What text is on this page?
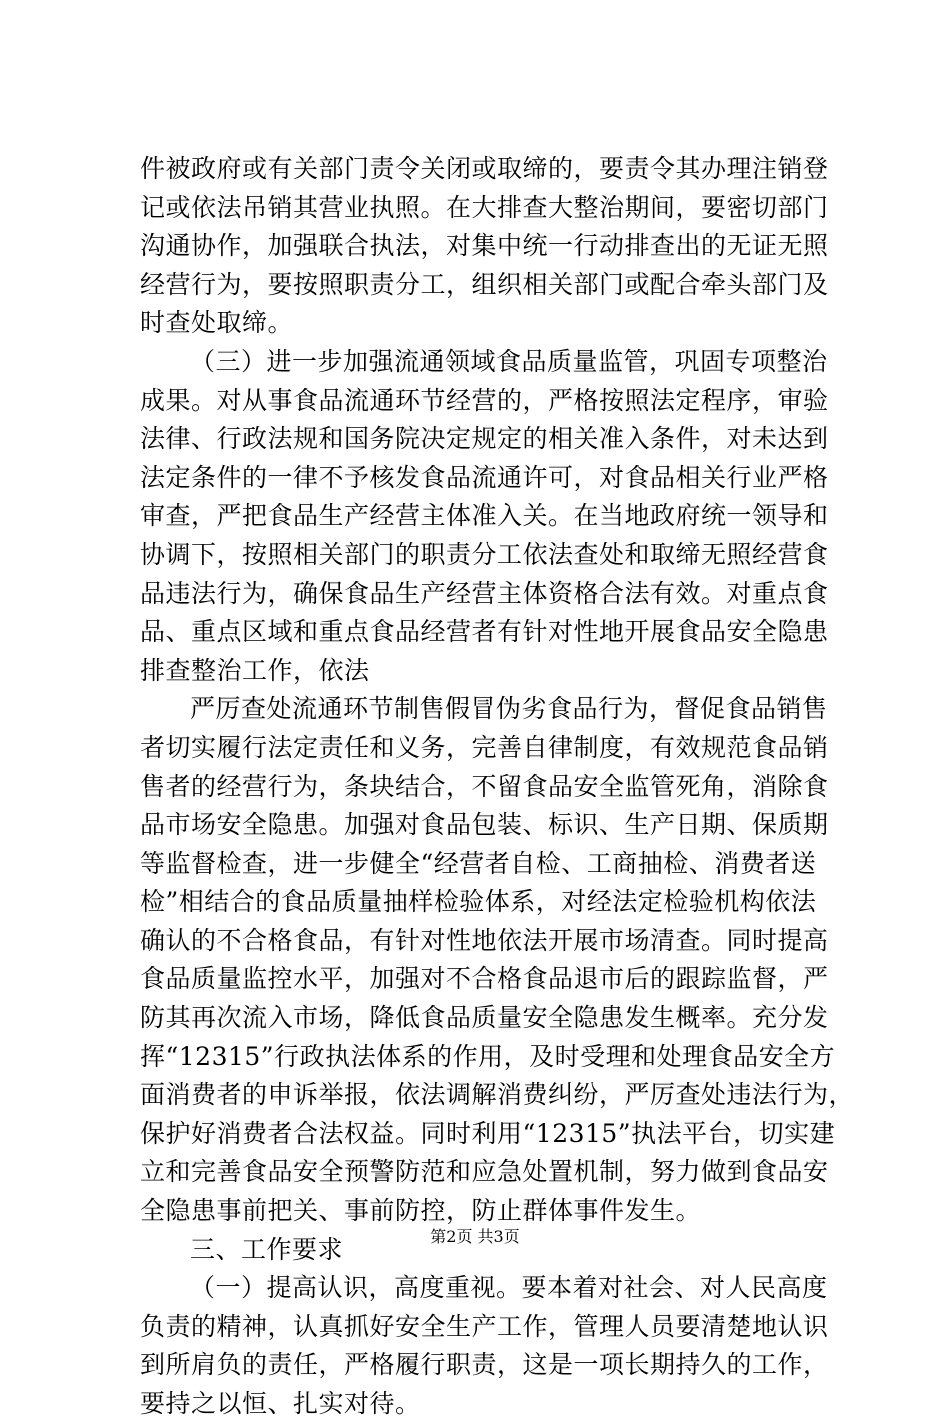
件被政府或有关部门责令关闭或取缔的，要责令其办理注销登
记或依法吊销其营业执照。在大排查大整治期间，要密切部门
沟通协作，加强联合执法，对集中统一行动排查出的无证无照
经营行为，要按照职责分工，组织相关部门或配合牵头部门及
时查处取缔。
（三）进一步加强流通领域食品质量监管，巩固专项整治
成果。对从事食品流通环节经营的，严格按照法定程序，审验
法律、行政法规和国务院决定规定的相关准入条件，对未达到
法定条件的一律不予核发食品流通许可，对食品相关行业严格
审查，严把食品生产经营主体准入关。在当地政府统一领导和
协调下，按照相关部门的职责分工依法查处和取缔无照经营食
品违法行为，确保食品生产经营主体资格合法有效。对重点食
品、重点区域和重点食品经营者有针对性地开展食品安全隐患
排查整治工作，依法
严厉查处流通环节制售假冒伪劣食品行为，督促食品销售
者切实履行法定责任和义务，完善自律制度，有效规范食品销
售者的经营行为，条块结合，不留食品安全监管死角，消除食
品市场安全隐患。加强对食品包装、标识、生产日期、保质期
等监督检查，进一步健全“经营者自检、工商抽检、消费者送
检”相结合的食品质量抽样检验体系，对经法定检验机构依法
确认的不合格食品，有针对性地依法开展市场清查。同时提高
食品质量监控水平，加强对不合格食品退市后的跟踪监督，严
防其再次流入市场，降低食品质量安全隐患发生概率。充分发
挥“12315”行政执法体系的作用，及时受理和处理食品安全方
面消费者的申诉举报，依法调解消费纠纷，严厉查处违法行为，
保护好消费者合法权益。同时利用“12315”执法平台，切实建
立和完善食品安全预警防范和应急处置机制，努力做到食品安
全隐患事前把关、事前防控，防止群体事件发生。
三、工作要求
（一）提高认识，高度重视。要本着对社会、对人民高度
负责的精神，认真抓好安全生产工作，管理人员要清楚地认识
到所肩负的责任，严格履行职责，这是一项长期持久的工作，
要持之以恒、扎实对待。
第2页 共3页
